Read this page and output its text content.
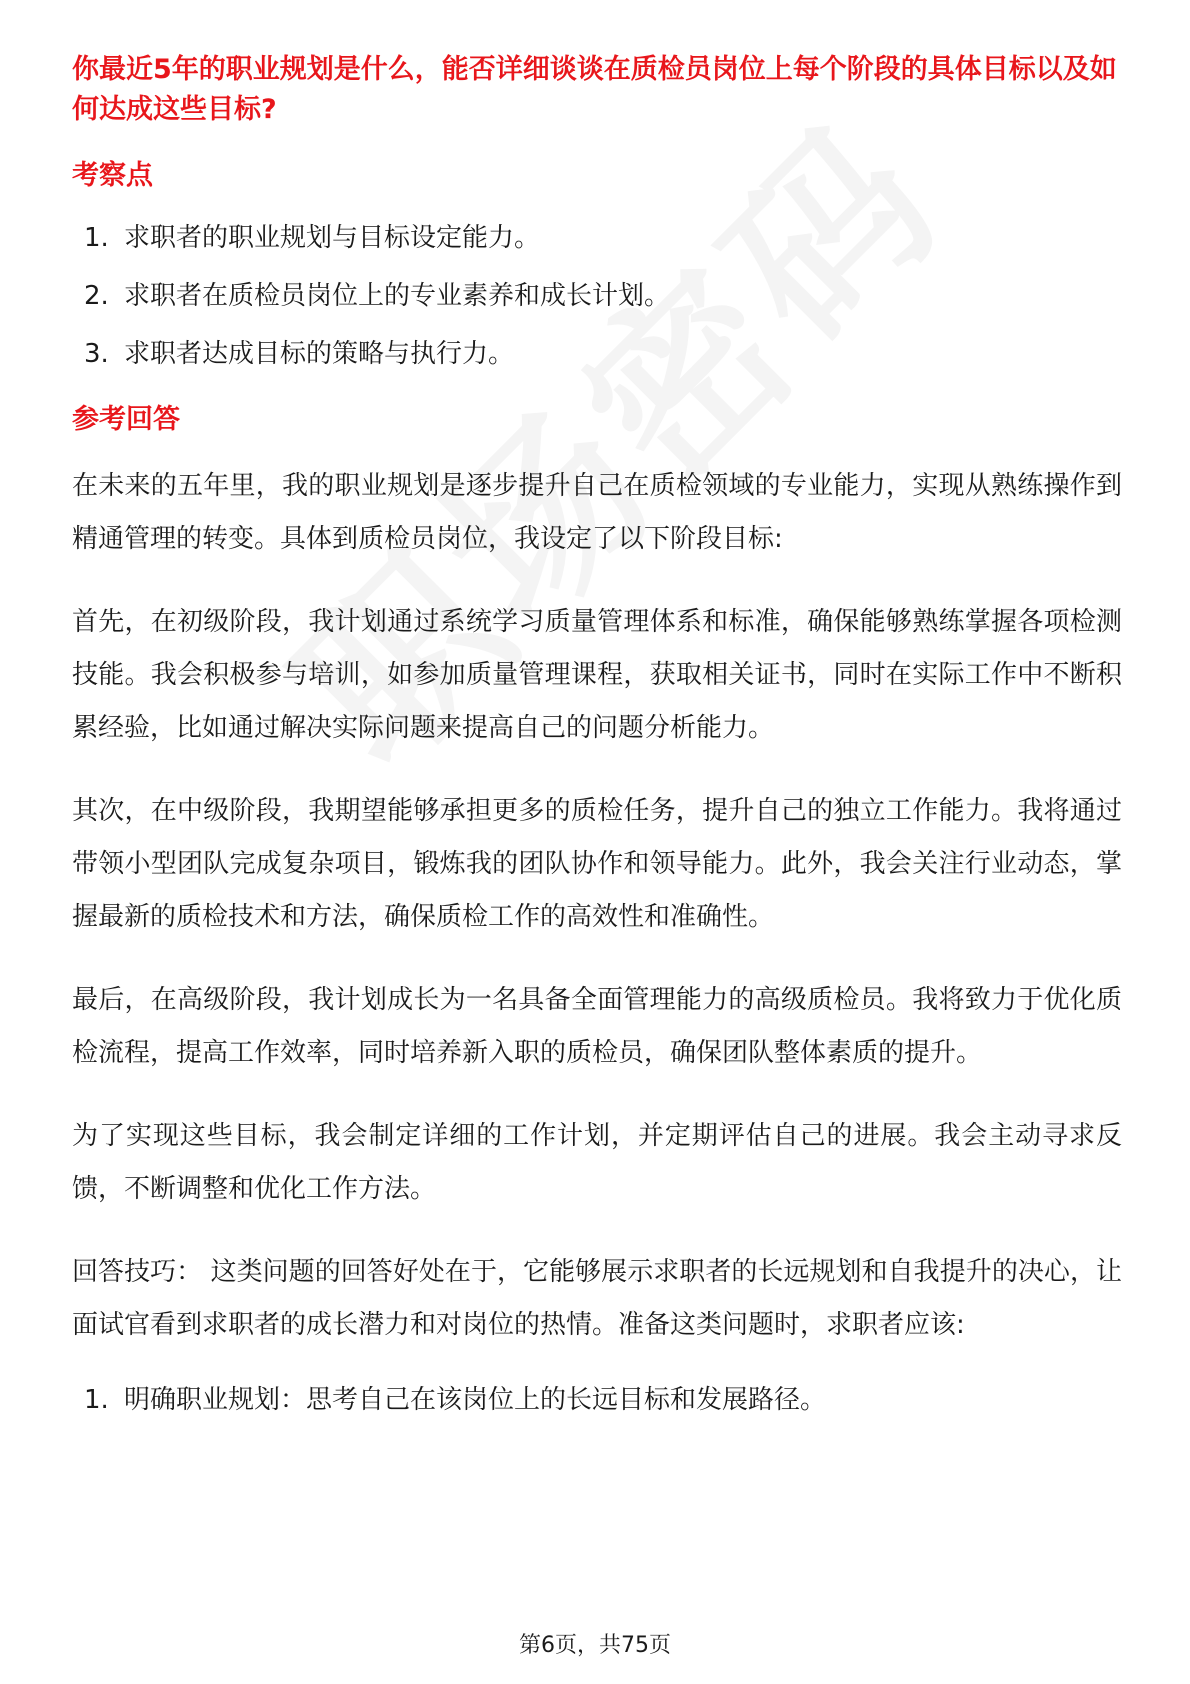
你最近5年的职业规划是什么，能否详细谈谈在质检员岗位上每个阶段的具体目标以及如何达成这些目标?

考察点
1. 求职者的职业规划与目标设定能力。
2. 求职者在质检员岗位上的专业素养和成长计划。
3. 求职者达成目标的策略与执行力。
参考回答

在未来的五年里，我的职业规划是逐步提升自己在质检领域的专业能力，实现从熟练操作到精通管理的转变。具体到质检员岗位，我设定了以下阶段目标:

首先，在初级阶段，我计划通过系统学习质量管理体系和标准，确保能够熟练掌握各项检测技能。我会积极参与培训，如参加质量管理课程，获取相关证书，同时在实际工作中不断积累经验，比如通过解决实际问题来提高自己的问题分析能力。

其次，在中级阶段，我期望能够承担更多的质检任务，提升自己的独立工作能力。我将通过带领小型团队完成复杂项目，锻炼我的团队协作和领导能力。此外，我会关注行业动态，掌握最新的质检技术和方法，确保质检工作的高效性和准确性。

最后，在高级阶段，我计划成长为一名具备全面管理能力的高级质检员。我将致力于优化质检流程，提高工作效率，同时培养新入职的质检员，确保团队整体素质的提升。

为了实现这些目标，我会制定详细的工作计划，并定期评估自己的进展。我会主动寻求反馈，不断调整和优化工作方法。

回答技巧： 这类问题的回答好处在于，它能够展示求职者的长远规划和自我提升的决心，让面试官看到求职者的成长潜力和对岗位的热情。准备这类问题时，求职者应该:

1. 明确职业规划：思考自己在该岗位上的长远目标和发展路径。
第6页，共75页
